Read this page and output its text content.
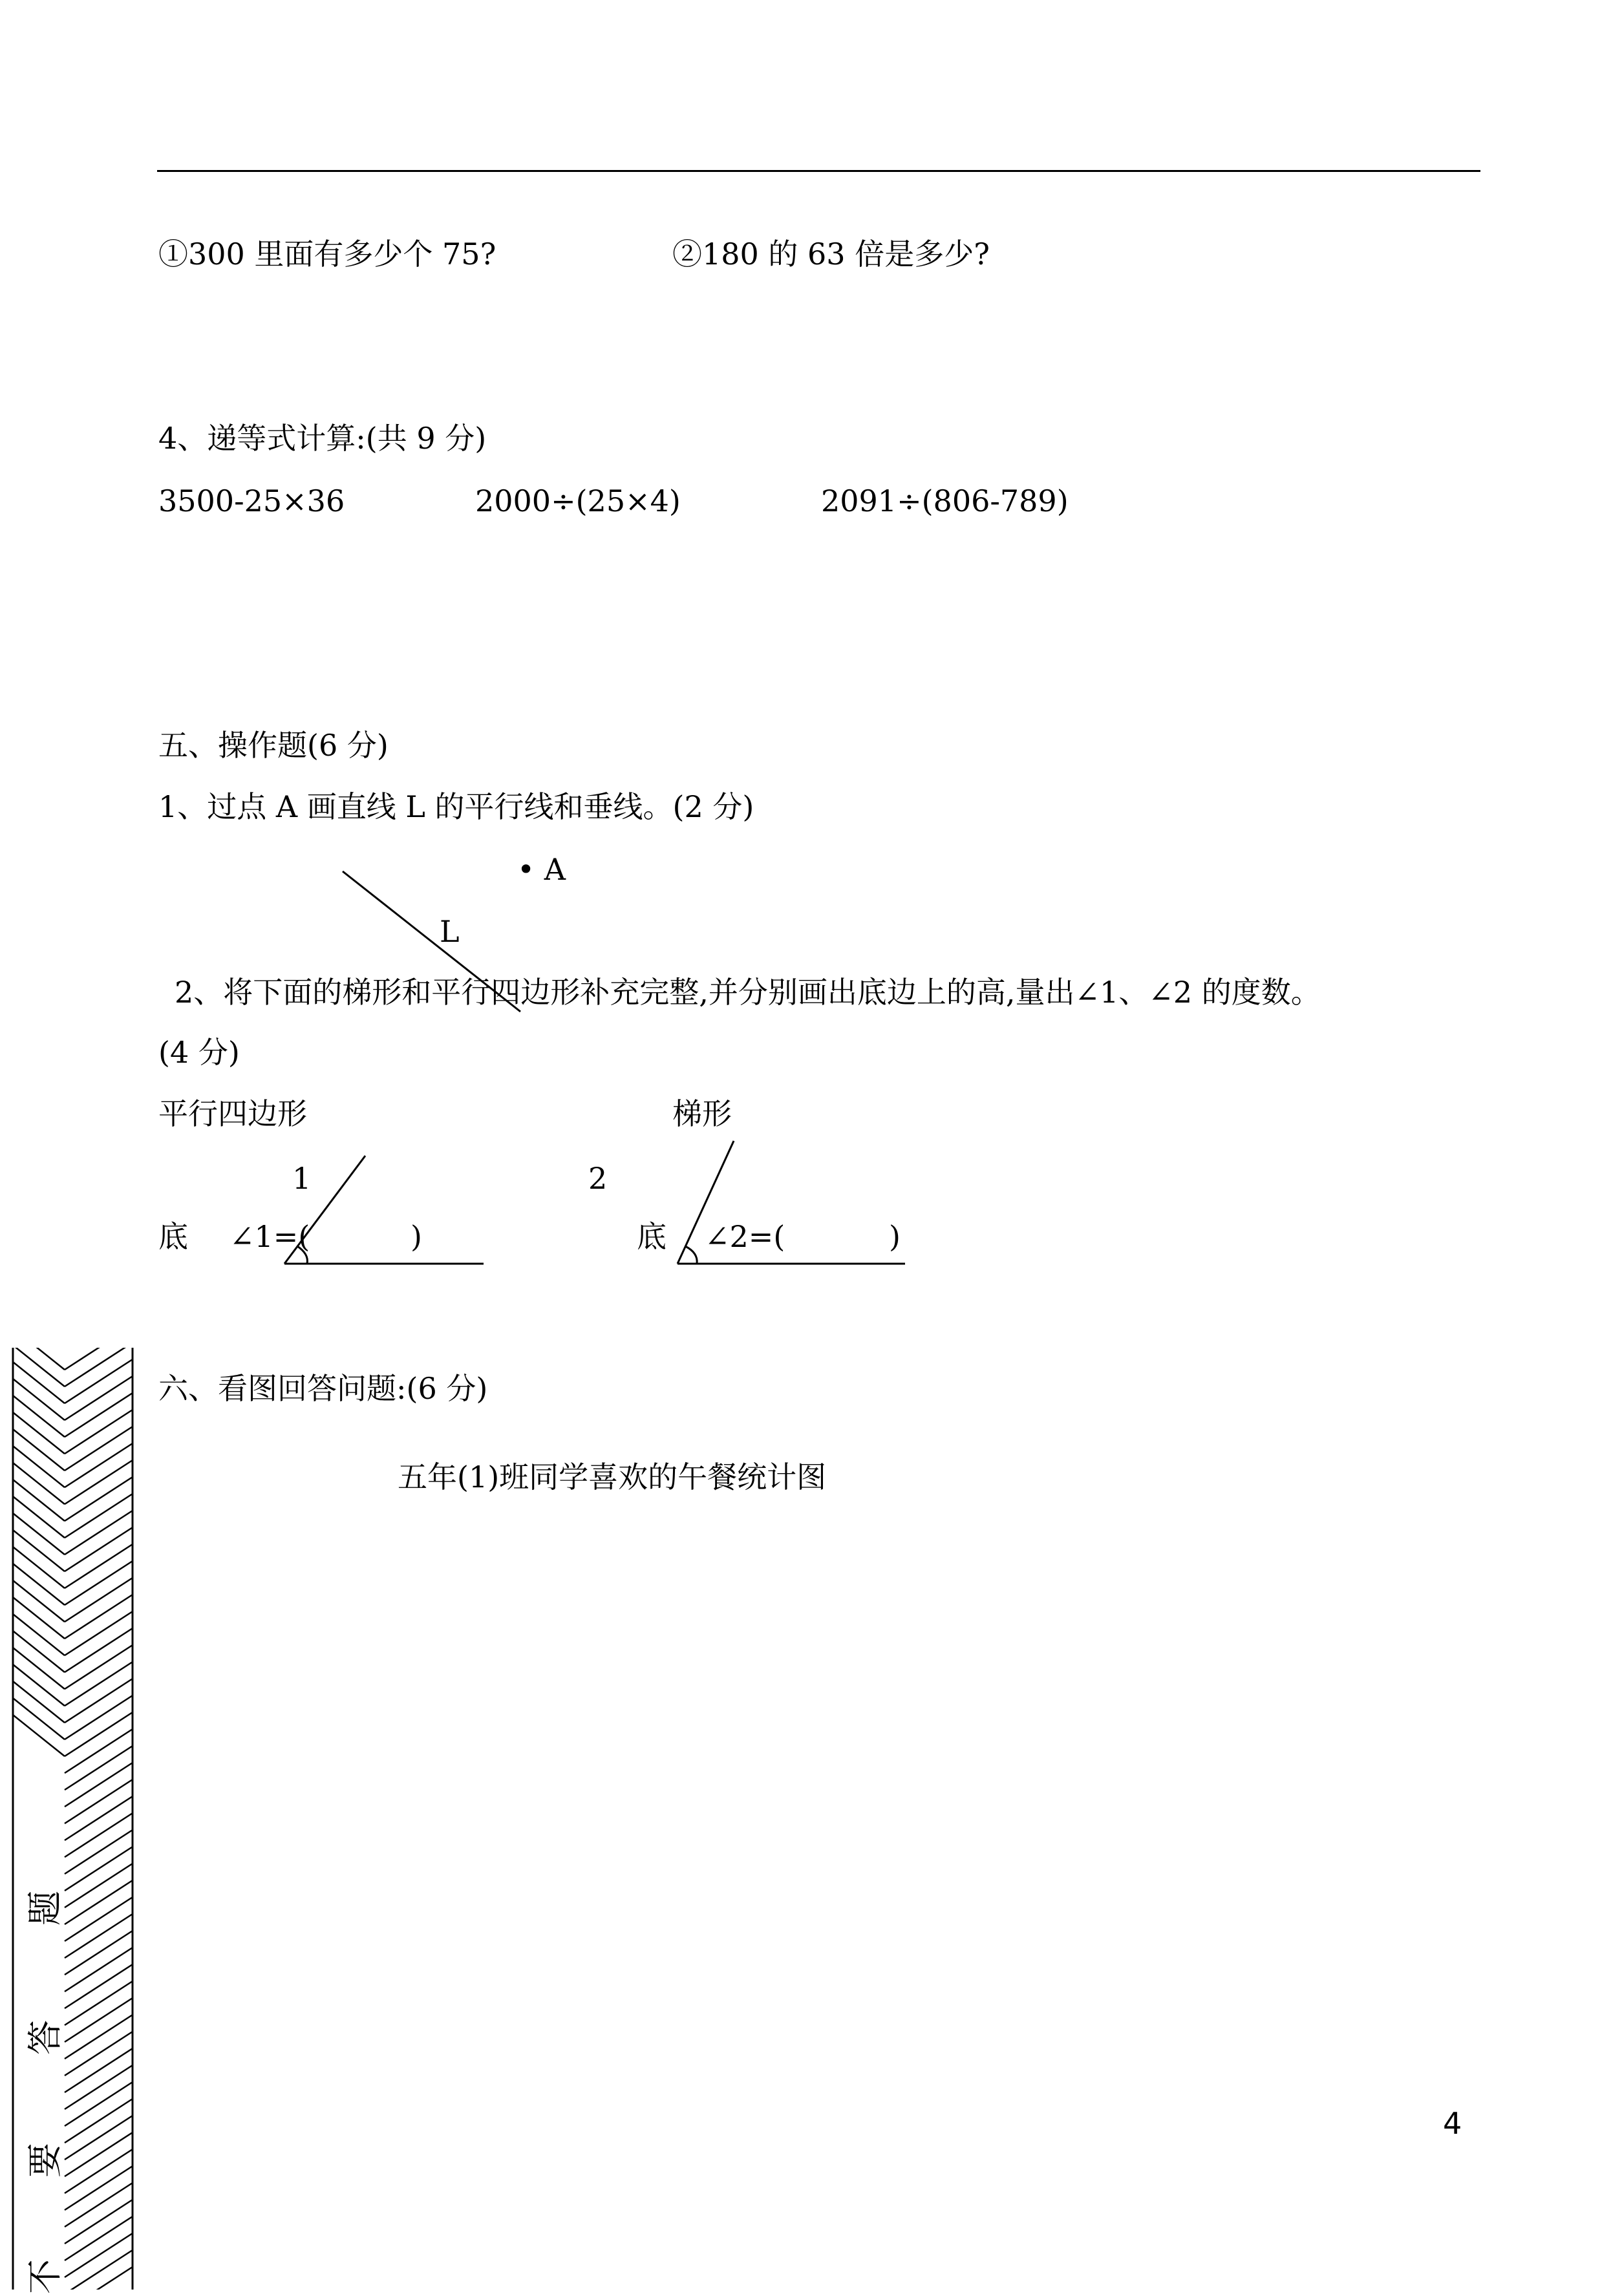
①300 里面有多少个 75?	②180 的 63 倍是多少?
4、递等式计算:(共 9 分)
3500-25×36	2000÷(25×4)	2091÷(806-789)
五、操作题(6 分)
1、过点 A 画直线 L 的平行线和垂线。(2 分)
• A
L
2、将下面的梯形和平行四边形补充完整,并分别画出底边上的高,量出∠1、∠2 的度数。
(4 分)
平行四边形	梯形
1	2
底 ∠1=(	)	底 ∠2=(	)
六、看图回答问题:(6 分)
五年(1)班同学喜欢的午餐统计图
题
答
要
不
4
